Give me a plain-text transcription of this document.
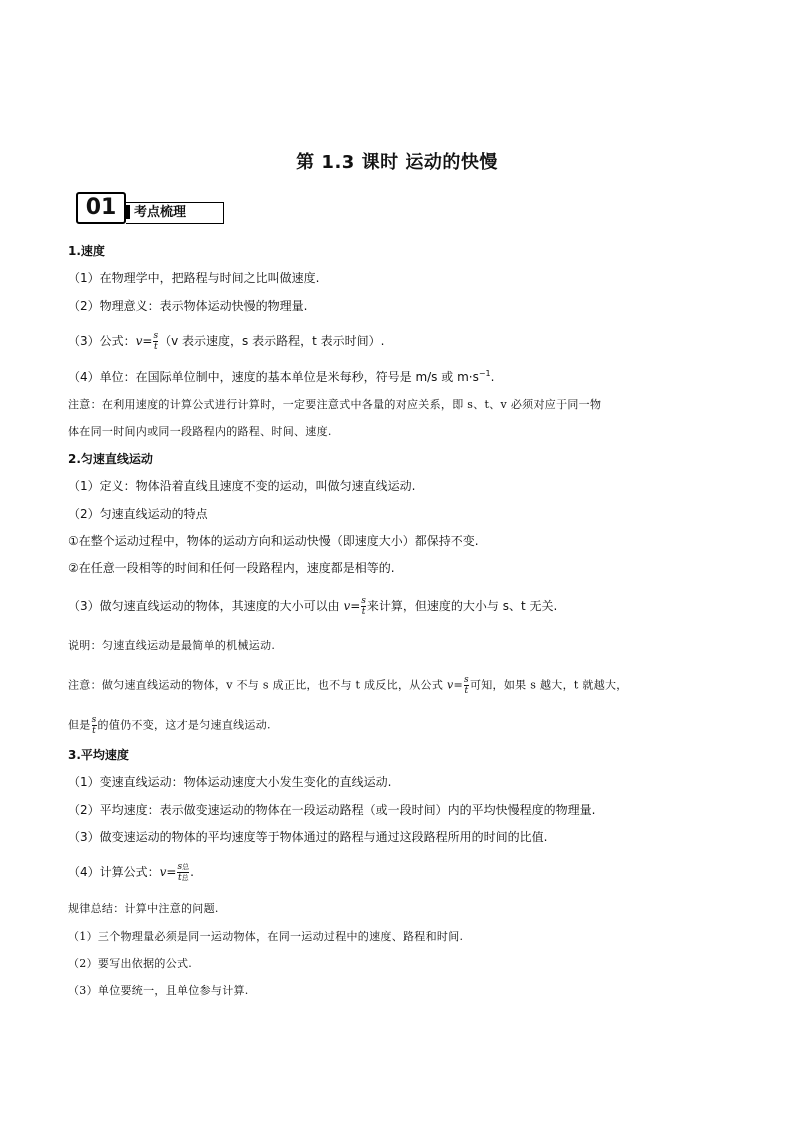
第 1.3 课时 运动的快慢
01	考点梳理
1.速度
（1）在物理学中，把路程与时间之比叫做速度.
（2）物理意义：表示物体运动快慢的物理量.
（3）公式：$v= \frac{s}{t} (v$ 表示速度，s 表示路程，t 表示时间）.
（4）单位：在国际单位制中，速度的基本单位是米每秒，符号是 m/s 或 $m\cdot s^{-1}$.
注意：在利用速度的计算公式进行计算时，一定要注意式中各量的对应关系，即 s、t、v 必须对应于同一物
体在同一时间内或同一段路程内的路程、时间、速度.
2.匀速直线运动
（1）定义：物体沿着直线且速度不变的运动，叫做匀速直线运动.
（2）匀速直线运动的特点
①在整个运动过程中，物体的运动方向和运动快慢（即速度大小）都保持不变.
②在任意一段相等的时间和任何一段路程内，速度都是相等的.
（3）做匀速直线运动的物体，其速度的大小可以由 $v= \frac{s}{t}$ 来计算，但速度的大小与 s、t 无关.
说明：匀速直线运动是最简单的机械运动.
注意：做匀速直线运动的物体，v 不与 s 成正比，也不与 t 成反比，从公式 $v= \frac{s}{t}$ 可知，如果 s 越大，t 就越大，
但是 $\frac{s}{t}$ 的值仍不变，这才是匀速直线运动.
3.平均速度
（1）变速直线运动：物体运动速度大小发生变化的直线运动.
（2）平均速度：表示做变速运动的物体在一段运动路程（或一段时间）内的平均快慢程度的物理量.
（3）做变速运动的物体的平均速度等于物体通过的路程与通过这段路程所用的时间的比值.
（4）计算公式：$v= \frac{\text{s总}}{\text{t总}}$ .
规律总结：计算中注意的问题.
（1）三个物理量必须是同一运动物体，在同一运动过程中的速度、路程和时间.
（2）要写出依据的公式.
（3）单位要统一，且单位参与计算.
